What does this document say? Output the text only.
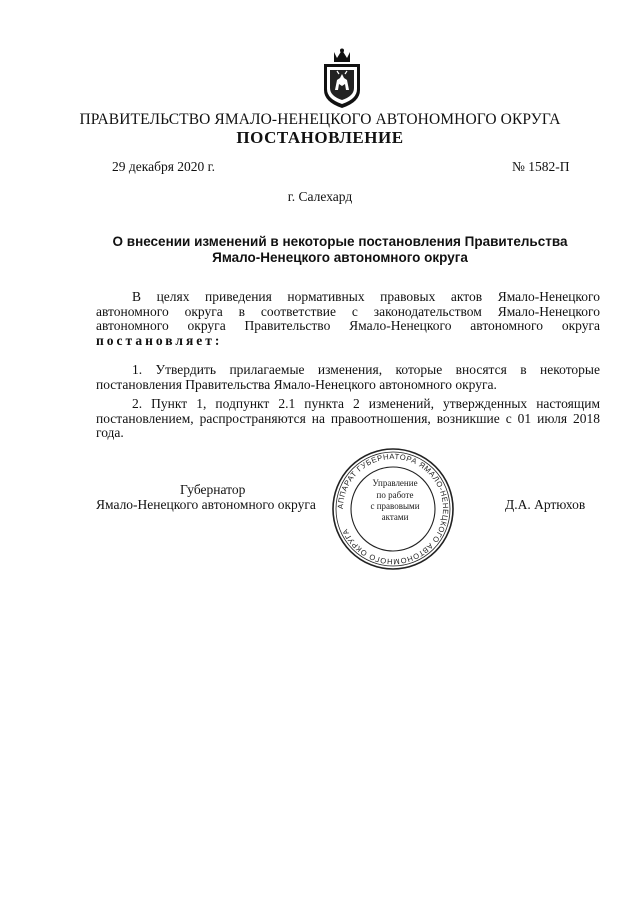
ПРАВИТЕЛЬСТВО ЯМАЛО-НЕНЕЦКОГО АВТОНОМНОГО ОКРУГА
ПОСТАНОВЛЕНИЕ
29 декабря 2020 г.	№ 1582-П
г. Салехард
О внесении изменений в некоторые постановления Правительства
Ямало-Ненецкого автономного округа
В целях приведения нормативных правовых актов Ямало-Ненецкого автономного округа в соответствие с законодательством Ямало-Ненецкого автономного округа Правительство Ямало-Ненецкого автономного округа постановляет:
1. Утвердить прилагаемые изменения, которые вносятся в некоторые постановления Правительства Ямало-Ненецкого автономного округа.
2. Пункт 1, подпункт 2.1 пункта 2 изменений, утвержденных настоящим постановлением, распространяются на правоотношения, возникшие с 01 июля 2018 года.
Губернатор
Ямало-Ненецкого автономного округа	Д.А. Артюхов
АППАРАТ ГУБЕРНАТОРА ЯМАЛО-НЕНЕЦКОГО АВТОНОМНОГО ОКРУГА
Управление
по работе
с правовыми
актами
